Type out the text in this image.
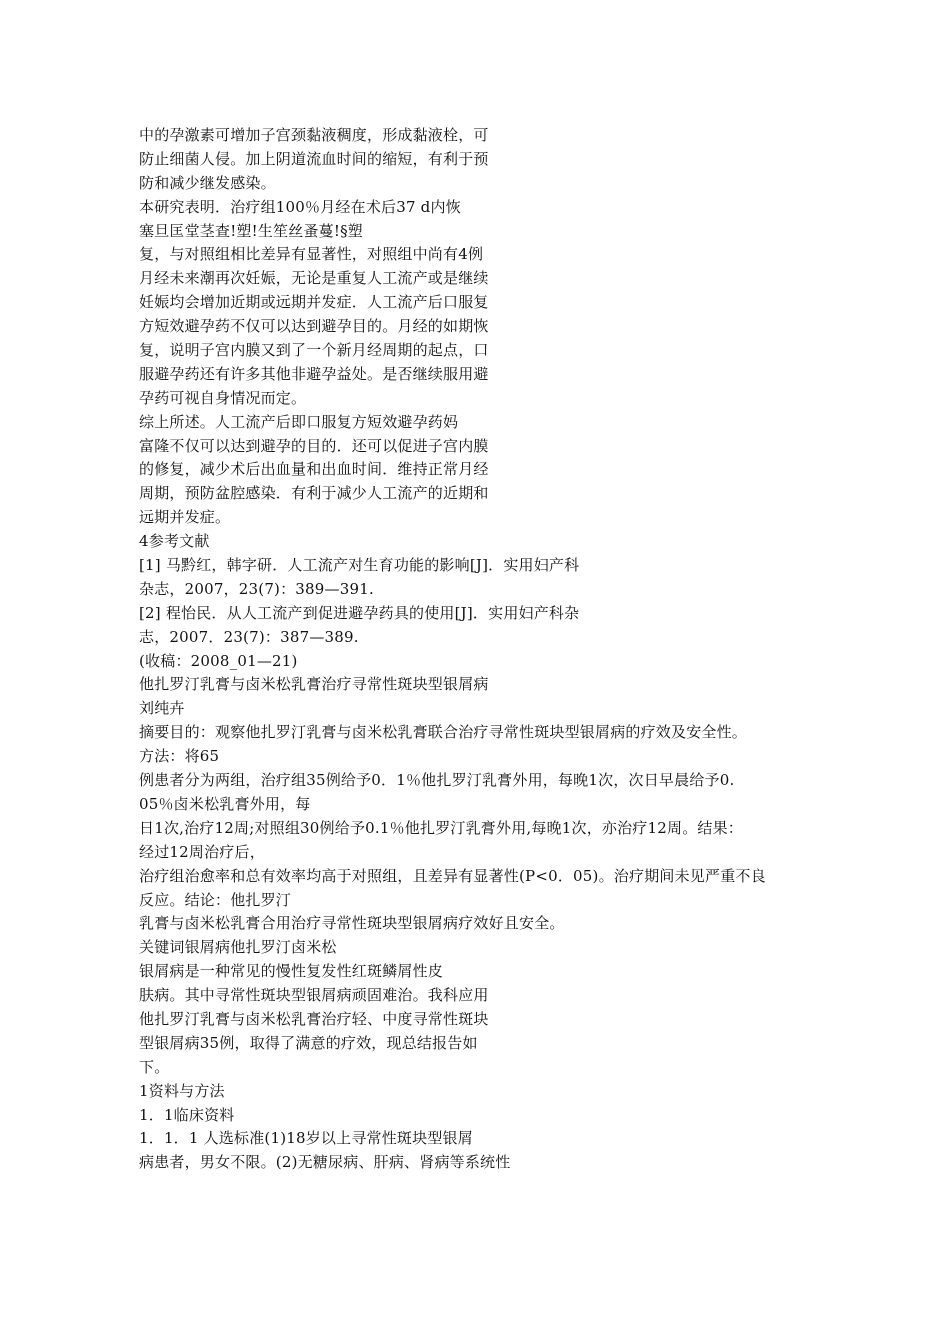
中的孕激素可增加子宫颈黏液稠度，形成黏液栓，可
防止细菌人侵。加上阴道流血时间的缩短，有利于预
防和减少继发感染。
本研究表明．治疗组100％月经在术后37 d内恢
塞旦匡堂茎查!塑!生笙丝蚤蔓!§塑
复，与对照组相比差异有显著性，对照组中尚有4例
月经未来潮再次妊娠，无论是重复人工流产或是继续
妊娠均会增加近期或远期并发症．人工流产后口服复
方短效避孕药不仅可以达到避孕目的。月经的如期恢
复，说明子宫内膜又到了一个新月经周期的起点，口
服避孕药还有许多其他非避孕益处。是否继续服用避
孕药可视自身情况而定。
综上所述。人工流产后即口服复方短效避孕药妈
富隆不仅可以达到避孕的目的．还可以促进子宫内膜
的修复，减少术后出血量和出血时间．维持正常月经
周期，预防盆腔感染．有利于减少人工流产的近期和
远期并发症。
4参考文献
[1] 马黔红，韩字研．人工流产对生育功能的影响[J]．实用妇产科
杂志，2007，23(7)：389—391.
[2] 程怡民．从人工流产到促进避孕药具的使用[J]．实用妇产科杂
志，2007．23(7)：387—389.
(收稿：2008_01—21)
他扎罗汀乳膏与卤米松乳膏治疗寻常性斑块型银屑病
刘纯卉
摘要目的：观察他扎罗汀乳膏与卤米松乳膏联合治疗寻常性斑块型银屑病的疗效及安全性。
方法：将65
例患者分为两组，治疗组35例给予0．1％他扎罗汀乳膏外用，每晚1次，次日早晨给予0.
05％卤米松乳膏外用，每
日1次,治疗12周;对照组30例给予0.1％他扎罗汀乳膏外用,每晚1次，亦治疗12周。结果：
经过12周治疗后，
治疗组治愈率和总有效率均高于对照组，且差异有显著性(P<0．05)。治疗期间未见严重不良
反应。结论：他扎罗汀
乳膏与卤米松乳膏合用治疗寻常性斑块型银屑病疗效好且安全。
关键词银屑病他扎罗汀卤米松
银屑病是一种常见的慢性复发性红斑鳞屑性皮
肤病。其中寻常性斑块型银屑病顽固难治。我科应用
他扎罗汀乳膏与卤米松乳膏治疗轻、中度寻常性斑块
型银屑病35例，取得了满意的疗效，现总结报告如
下。
1资料与方法
1．1临床资料
1．1．1 人选标准(1)18岁以上寻常性斑块型银屑
病患者，男女不限。(2)无糖尿病、肝病、肾病等系统性
